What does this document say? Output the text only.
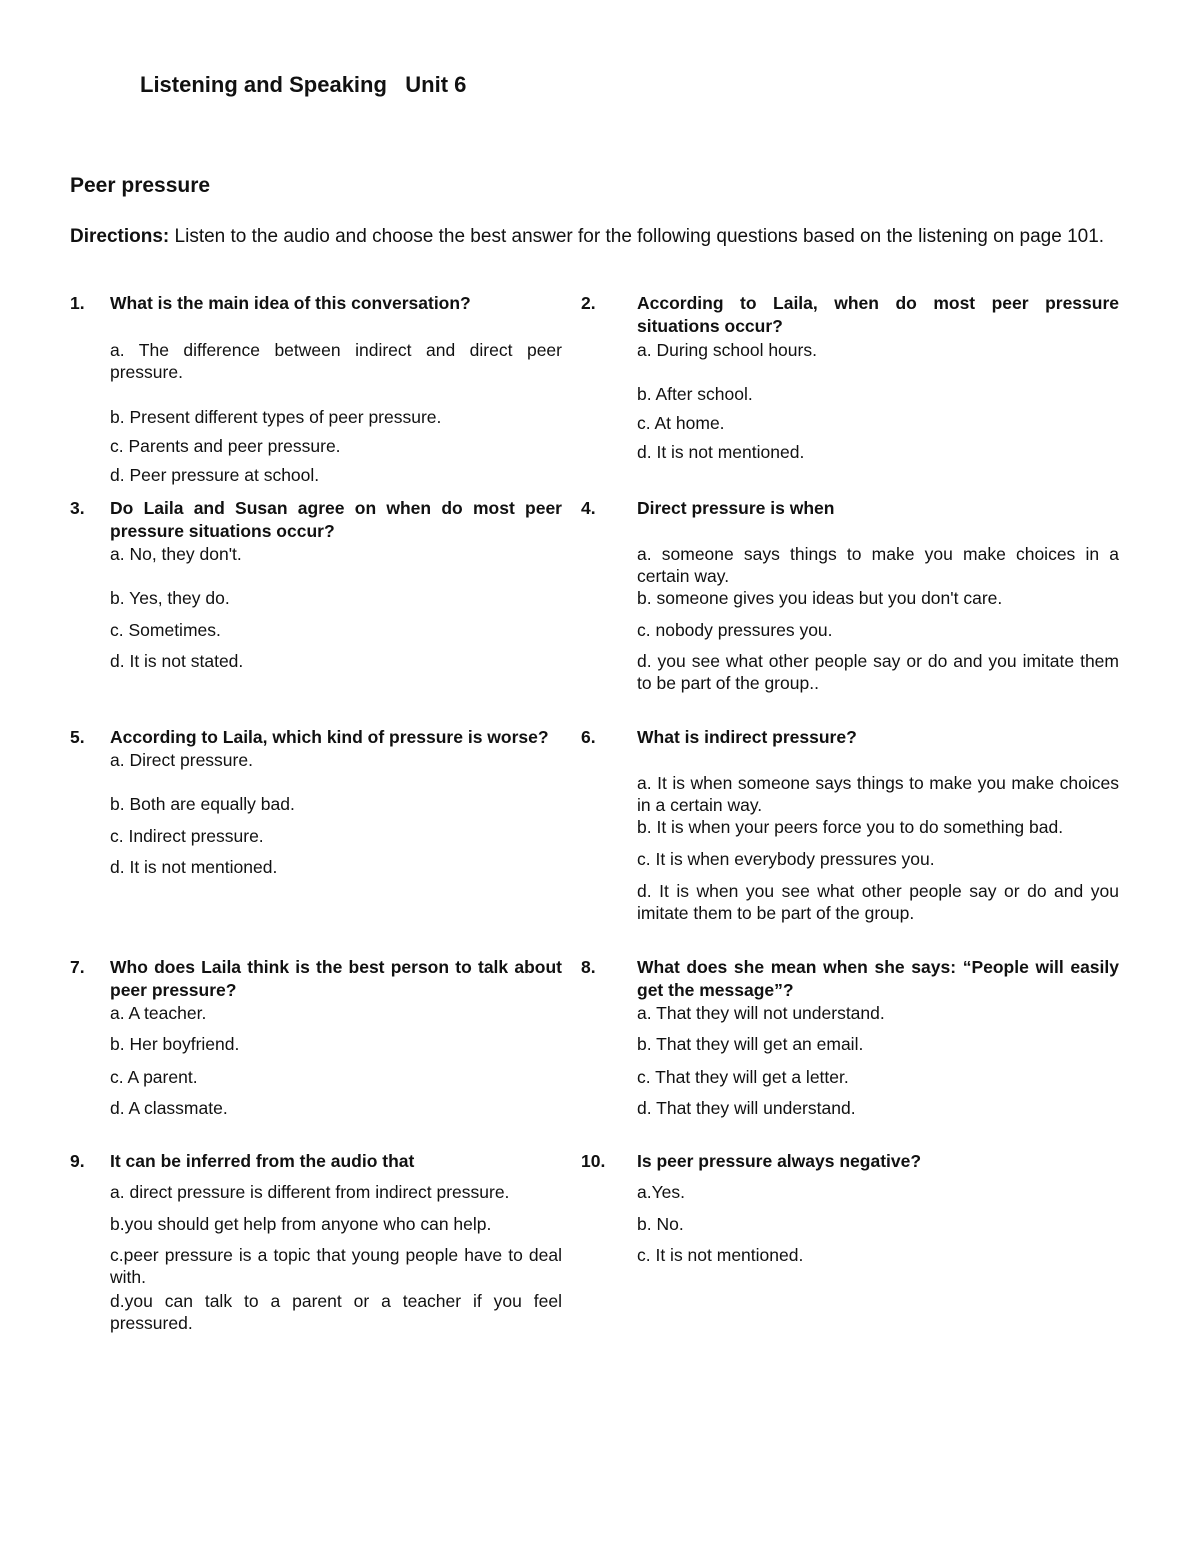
Listening and Speaking   Unit 6
Peer pressure

Directions: Listen to the audio and choose the best answer for the following questions based on the listening on page 101.

1.	What is the main idea of this conversation?
a. The difference between indirect and direct peer pressure.
b. Present different types of peer pressure.
c. Parents and peer pressure.
d. Peer pressure at school.
2.	According to Laila, when do most peer pressure situations occur?
a. During school hours.
b. After school.
c. At home.
d. It is not mentioned.
3.	Do Laila and Susan agree on when do most peer pressure situations occur?
a. No, they don't.
b. Yes, they do.
c. Sometimes.
d. It is not stated.
4.	Direct pressure is when
a. someone says things to make you make choices in a certain way.
b. someone gives you ideas but you don't care.
c. nobody pressures you.
d. you see what other people say or do and you imitate them to be part of the group..
5.	According to Laila, which kind of pressure is worse?
a. Direct pressure.
b. Both are equally bad.
c. Indirect pressure.
d. It is not mentioned.
6.	What is indirect pressure?
a. It is when someone says things to make you make choices in a certain way.
b. It is when your peers force you to do something bad.
c. It is when everybody pressures you.
d. It is when you see what other people say or do and you imitate them to be part of the group.
7.	Who does Laila think is the best person to talk about peer pressure?
a. A teacher.
b. Her boyfriend.
c. A parent.
d. A classmate.
8.	What does she mean when she says: “People will easily get the message”?
a. That they will not understand.
b. That they will get an email.
c. That they will get a letter.
d. That they will understand.
9.	It can be inferred from the audio that
a. direct pressure is different from indirect pressure.
b.you should get help from anyone who can help.
c.peer pressure is a topic that young people have to deal with.
d.you can talk to a parent or a teacher if you feel pressured.
10.	Is peer pressure always negative?
a.Yes.
b. No.
c. It is not mentioned.
